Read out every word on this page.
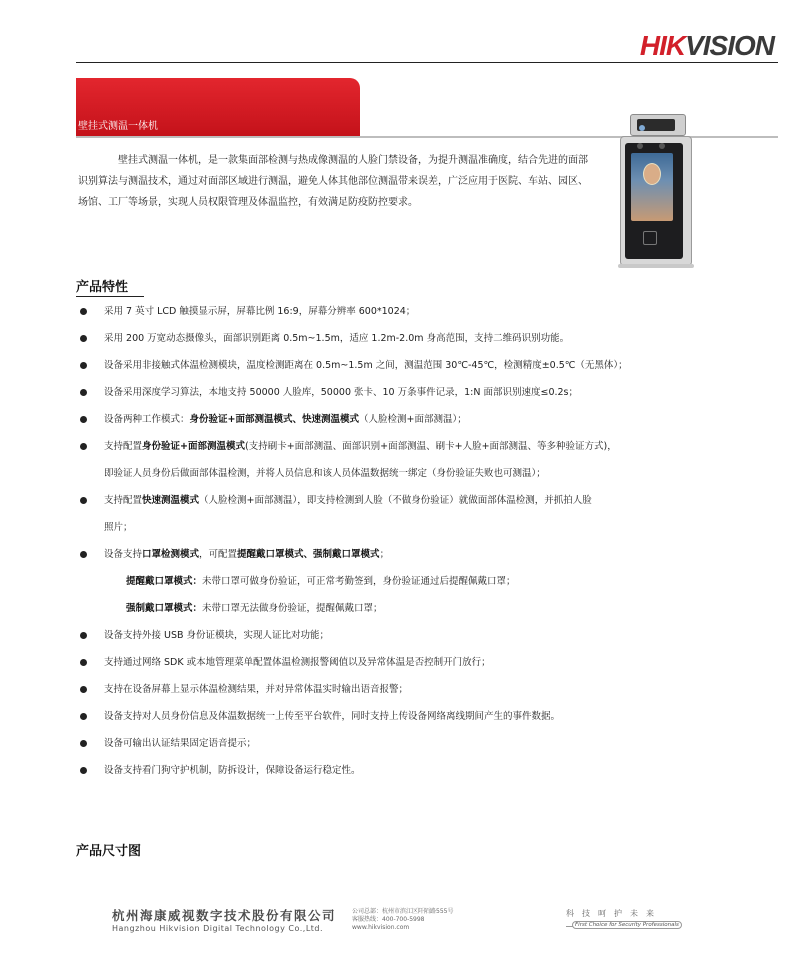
HIKVISION
壁挂式测温一体机

壁挂式测温一体机，是一款集面部检测与热成像测温的人脸门禁设备，为提升测温准确度，结合先进的面部识别算法与测温技术，通过对面部区域进行测温，避免人体其他部位测温带来误差，广泛应用于医院、车站、园区、场馆、工厂等场景，实现人员权限管理及体温监控，有效满足防疫防控要求。

产品特性
采用 7 英寸 LCD 触摸显示屏，屏幕比例 16:9，屏幕分辨率 600*1024；
采用 200 万宽动态摄像头，面部识别距离 0.5m~1.5m，适应 1.2m-2.0m 身高范围，支持二维码识别功能。
设备采用非接触式体温检测模块，温度检测距离在 0.5m~1.5m 之间，测温范围 30℃-45℃，检测精度±0.5℃（无黑体）；
设备采用深度学习算法，本地支持 50000 人脸库，50000 张卡、10 万条事件记录，1:N 面部识别速度≤0.2s；
设备两种工作模式：身份验证+面部测温模式、快速测温模式（人脸检测+面部测温）；
支持配置身份验证+面部测温模式(支持刷卡+面部测温、面部识别+面部测温、刷卡+人脸+面部测温、等多种验证方式)，
即验证人员身份后做面部体温检测，并将人员信息和该人员体温数据统一绑定（身份验证失败也可测温）；
支持配置快速测温模式（人脸检测+面部测温），即支持检测到人脸（不做身份验证）就做面部体温检测，并抓拍人脸
照片；
设备支持口罩检测模式，可配置提醒戴口罩模式、强制戴口罩模式；
提醒戴口罩模式：未带口罩可做身份验证，可正常考勤签到，身份验证通过后提醒佩戴口罩；
强制戴口罩模式：未带口罩无法做身份验证，提醒佩戴口罩；
设备支持外接 USB 身份证模块，实现人证比对功能；
支持通过网络 SDK 或本地管理菜单配置体温检测报警阈值以及异常体温是否控制开门放行；
支持在设备屏幕上显示体温检测结果，并对异常体温实时输出语音报警；
设备支持对人员身份信息及体温数据统一上传至平台软件，同时支持上传设备网络离线期间产生的事件数据。
设备可输出认证结果固定语音提示；
设备支持看门狗守护机制，防拆设计，保障设备运行稳定性。
产品尺寸图
杭州海康威视数字技术股份有限公司
Hangzhou Hikvision Digital Technology Co.,Ltd.
公司总部：杭州市滨江区阡陌路555号
客服热线：400-700-5998
www.hikvision.com
科技呵护未来
First Choice for Security Professionals
